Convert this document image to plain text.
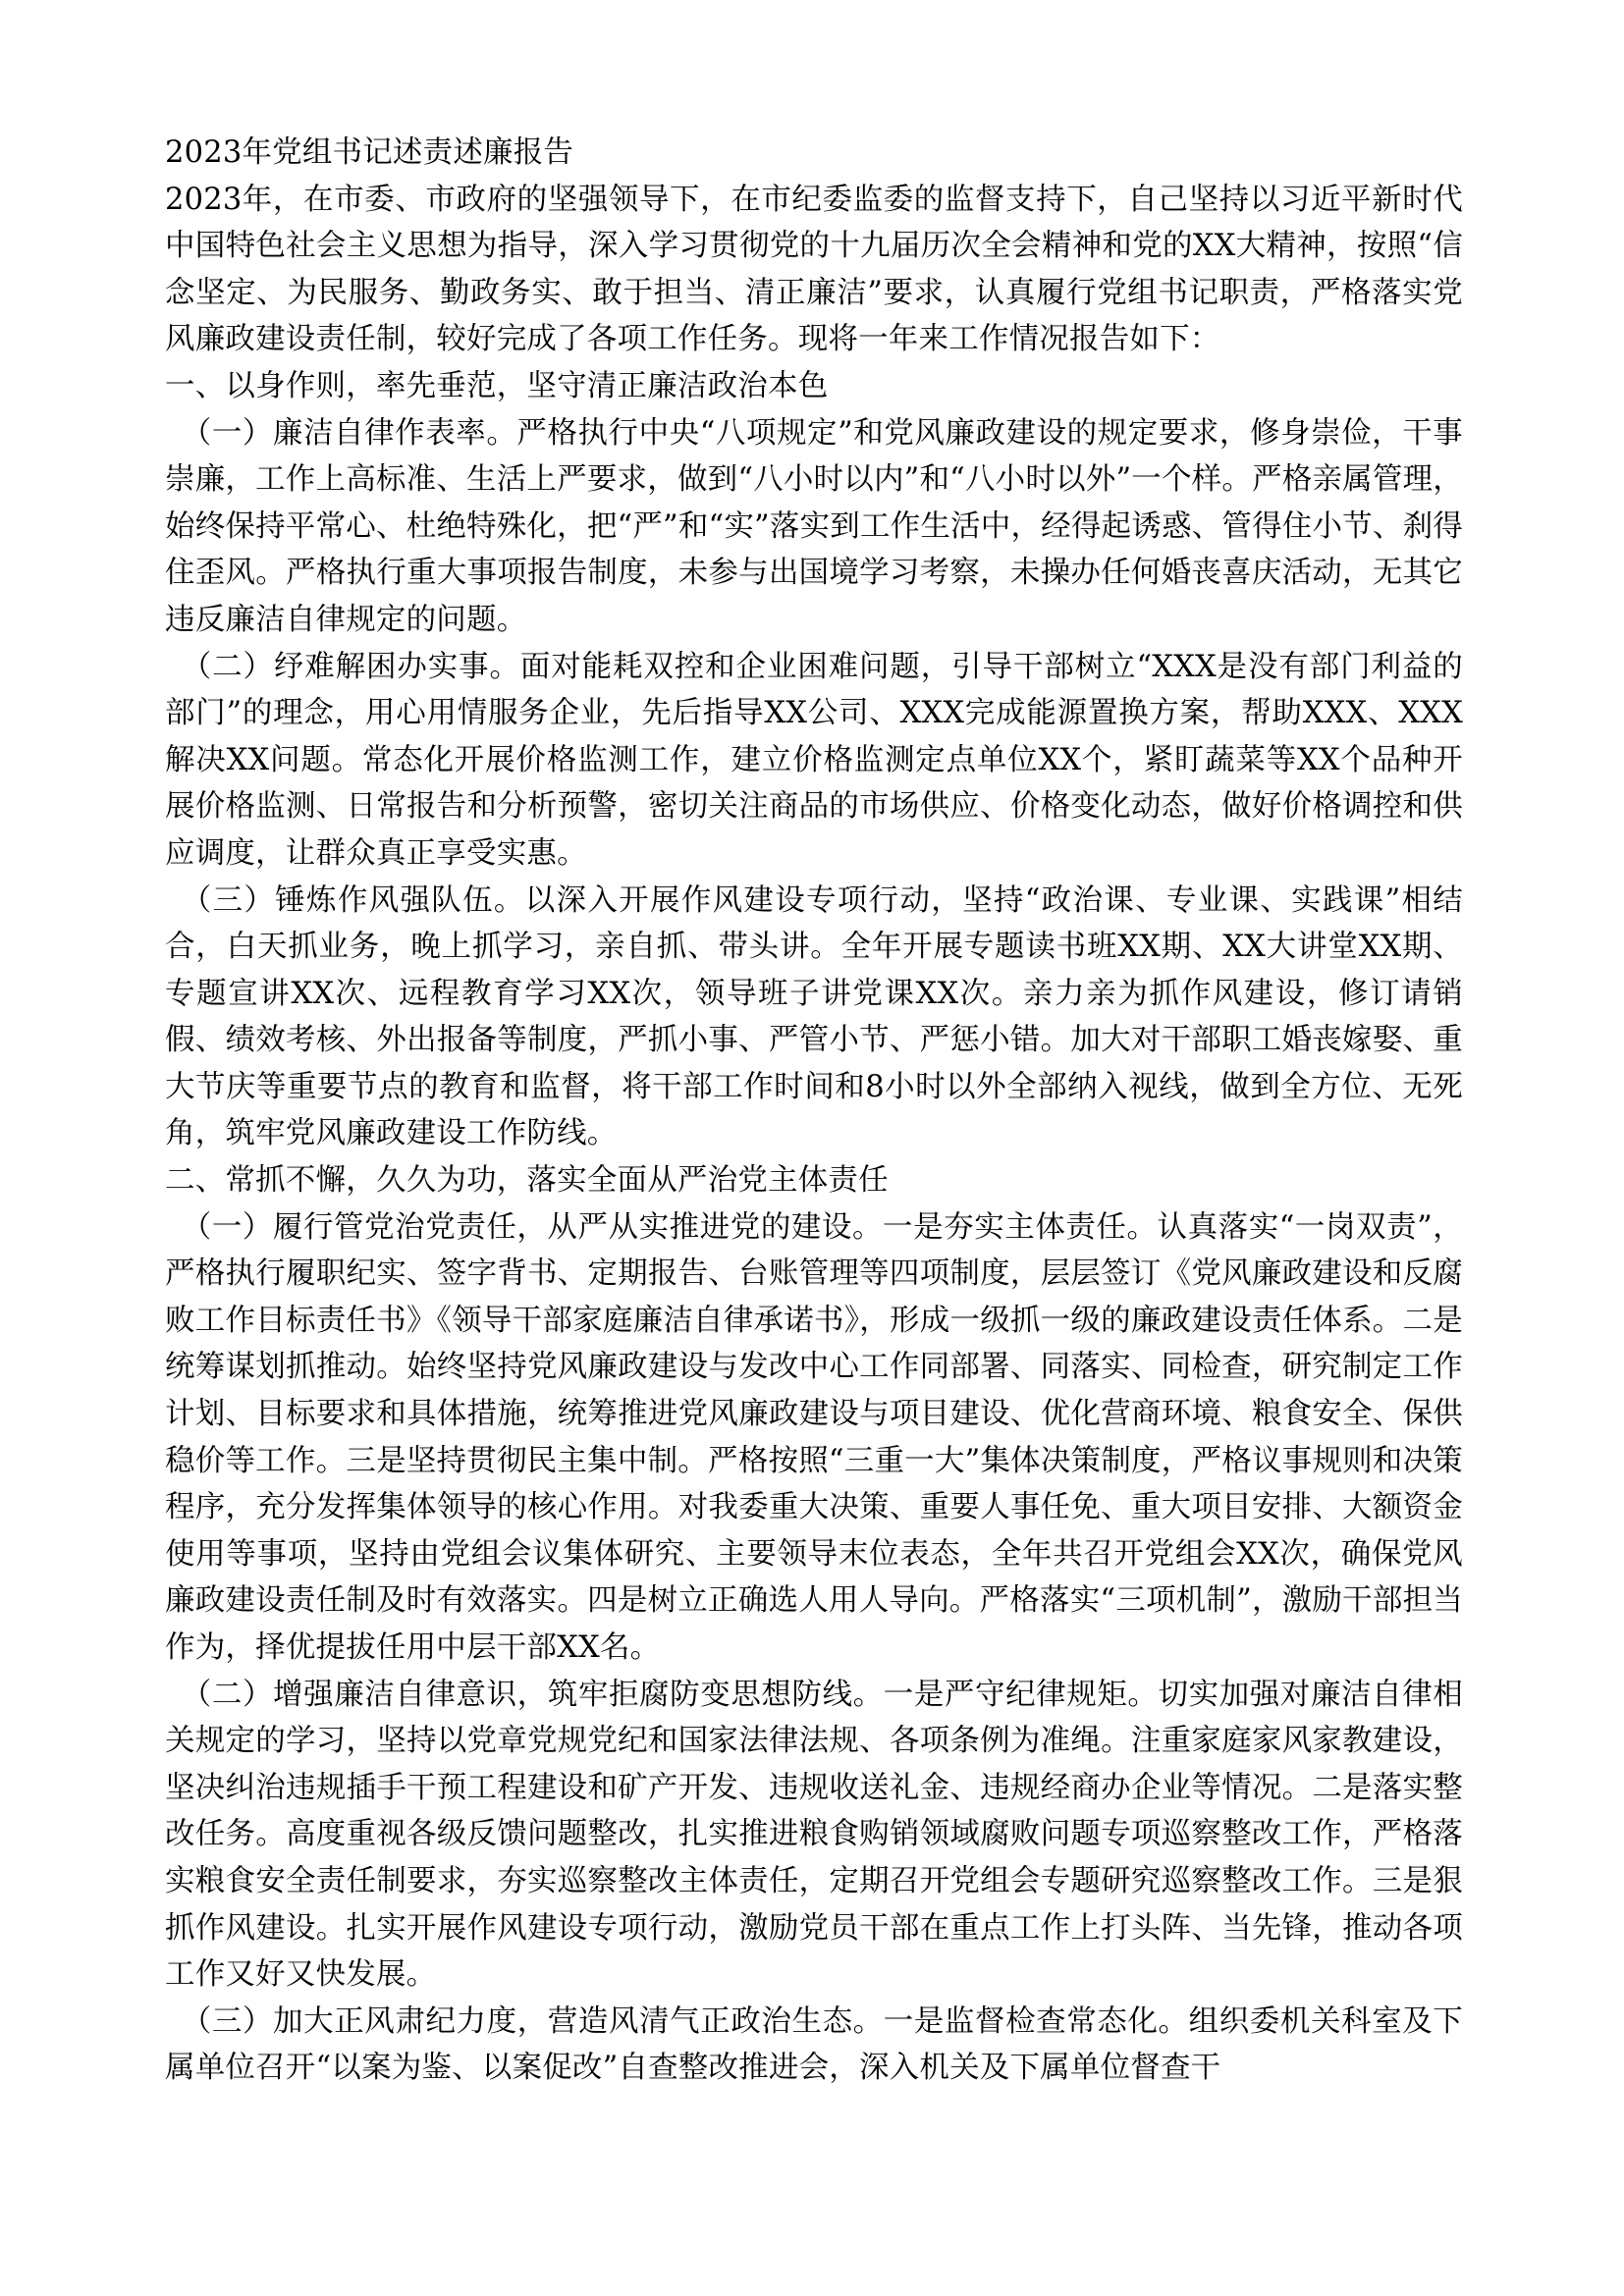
2023年党组书记述责述廉报告

2023年，在市委、市政府的坚强领导下，在市纪委监委的监督支持下，自己坚持以习近平新时代中国特色社会主义思想为指导，深入学习贯彻党的十九届历次全会精神和党的XX大精神，按照“信念坚定、为民服务、勤政务实、敢于担当、清正廉洁”要求，认真履行党组书记职责，严格落实党风廉政建设责任制，较好完成了各项工作任务。现将一年来工作情况报告如下：

一、以身作则，率先垂范，坚守清正廉洁政治本色

（一）廉洁自律作表率。严格执行中央“八项规定”和党风廉政建设的规定要求，修身崇俭，干事崇廉，工作上高标准、生活上严要求，做到“八小时以内”和“八小时以外”一个样。严格亲属管理，始终保持平常心、杜绝特殊化，把“严”和“实”落实到工作生活中，经得起诱惑、管得住小节、刹得住歪风。严格执行重大事项报告制度，未参与出国境学习考察，未操办任何婚丧喜庆活动，无其它违反廉洁自律规定的问题。

（二）纾难解困办实事。面对能耗双控和企业困难问题，引导干部树立“XXX是没有部门利益的部门”的理念，用心用情服务企业，先后指导XX公司、XXX完成能源置换方案，帮助XXX、XXX解决XX问题。常态化开展价格监测工作，建立价格监测定点单位XX个，紧盯蔬菜等XX个品种开展价格监测、日常报告和分析预警，密切关注商品的市场供应、价格变化动态，做好价格调控和供应调度，让群众真正享受实惠。

（三）锤炼作风强队伍。以深入开展作风建设专项行动，坚持“政治课、专业课、实践课”相结合，白天抓业务，晚上抓学习，亲自抓、带头讲。全年开展专题读书班XX期、XX大讲堂XX期、专题宣讲XX次、远程教育学习XX次，领导班子讲党课XX次。亲力亲为抓作风建设，修订请销假、绩效考核、外出报备等制度，严抓小事、严管小节、严惩小错。加大对干部职工婚丧嫁娶、重大节庆等重要节点的教育和监督，将干部工作时间和8小时以外全部纳入视线，做到全方位、无死角，筑牢党风廉政建设工作防线。

二、常抓不懈，久久为功，落实全面从严治党主体责任

（一）履行管党治党责任，从严从实推进党的建设。一是夯实主体责任。认真落实“一岗双责”，严格执行履职纪实、签字背书、定期报告、台账管理等四项制度，层层签订《党风廉政建设和反腐败工作目标责任书》《领导干部家庭廉洁自律承诺书》，形成一级抓一级的廉政建设责任体系。二是统筹谋划抓推动。始终坚持党风廉政建设与发改中心工作同部署、同落实、同检查，研究制定工作计划、目标要求和具体措施，统筹推进党风廉政建设与项目建设、优化营商环境、粮食安全、保供稳价等工作。三是坚持贯彻民主集中制。严格按照“三重一大”集体决策制度，严格议事规则和决策程序，充分发挥集体领导的核心作用。对我委重大决策、重要人事任免、重大项目安排、大额资金使用等事项，坚持由党组会议集体研究、主要领导末位表态，全年共召开党组会XX次，确保党风廉政建设责任制及时有效落实。四是树立正确选人用人导向。严格落实“三项机制”，激励干部担当作为，择优提拔任用中层干部XX名。

（二）增强廉洁自律意识，筑牢拒腐防变思想防线。一是严守纪律规矩。切实加强对廉洁自律相关规定的学习，坚持以党章党规党纪和国家法律法规、各项条例为准绳。注重家庭家风家教建设，坚决纠治违规插手干预工程建设和矿产开发、违规收送礼金、违规经商办企业等情况。二是落实整改任务。高度重视各级反馈问题整改，扎实推进粮食购销领域腐败问题专项巡察整改工作，严格落实粮食安全责任制要求，夯实巡察整改主体责任，定期召开党组会专题研究巡察整改工作。三是狠抓作风建设。扎实开展作风建设专项行动，激励党员干部在重点工作上打头阵、当先锋，推动各项工作又好又快发展。

（三）加大正风肃纪力度，营造风清气正政治生态。一是监督检查常态化。组织委机关科室及下属单位召开“以案为鉴、以案促改”自查整改推进会，深入机关及下属单位督查干
